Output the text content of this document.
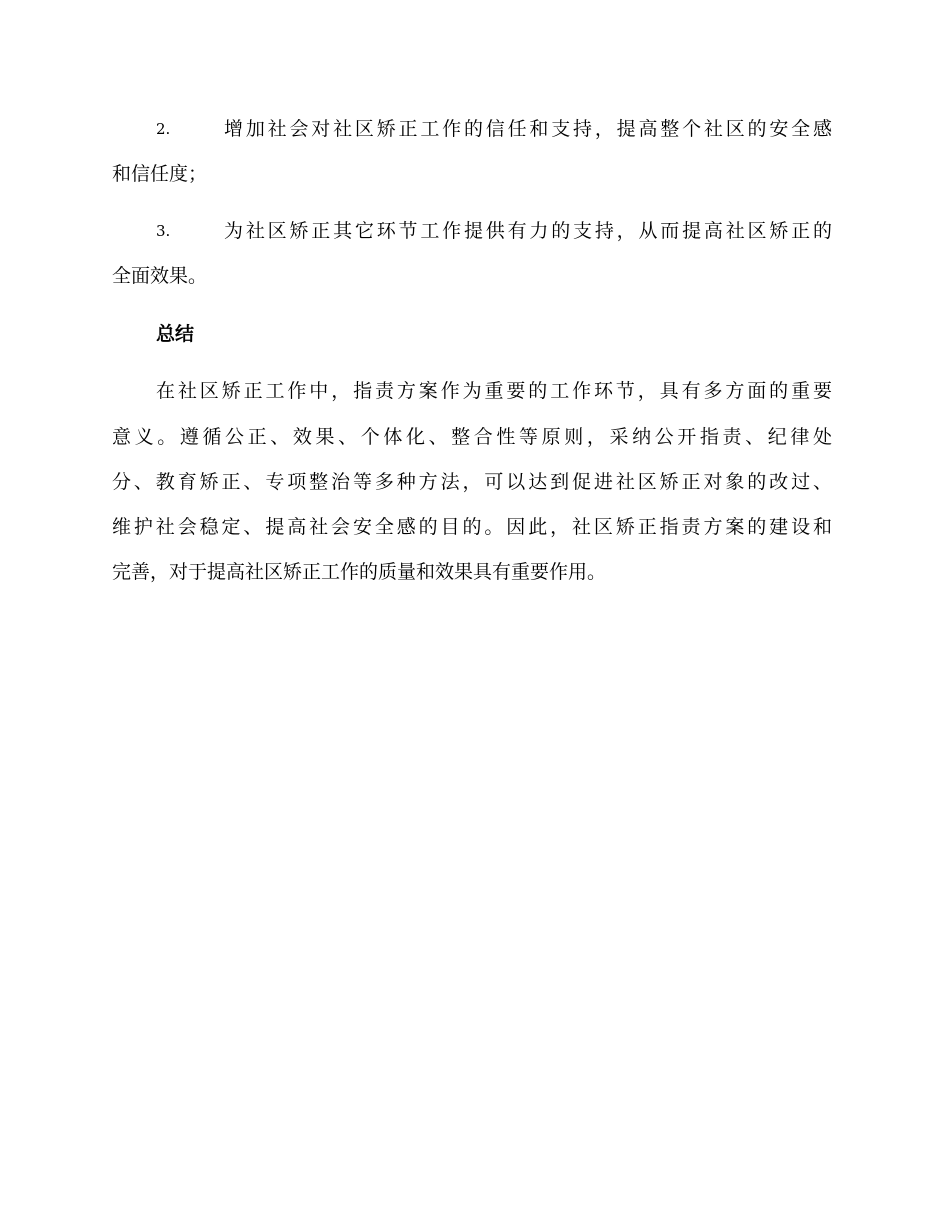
2.	增加社会对社区矫正工作的信任和支持，提高整个社区的安全感
和信任度；
3.	为社区矫正其它环节工作提供有力的支持，从而提高社区矫正的
全面效果。
总结
在社区矫正工作中，指责方案作为重要的工作环节，具有多方面的重要
意义。遵循公正、效果、个体化、整合性等原则，采纳公开指责、纪律处
分、教育矫正、专项整治等多种方法，可以达到促进社区矫正对象的改过、
维护社会稳定、提高社会安全感的目的。因此，社区矫正指责方案的建设和
完善，对于提高社区矫正工作的质量和效果具有重要作用。
